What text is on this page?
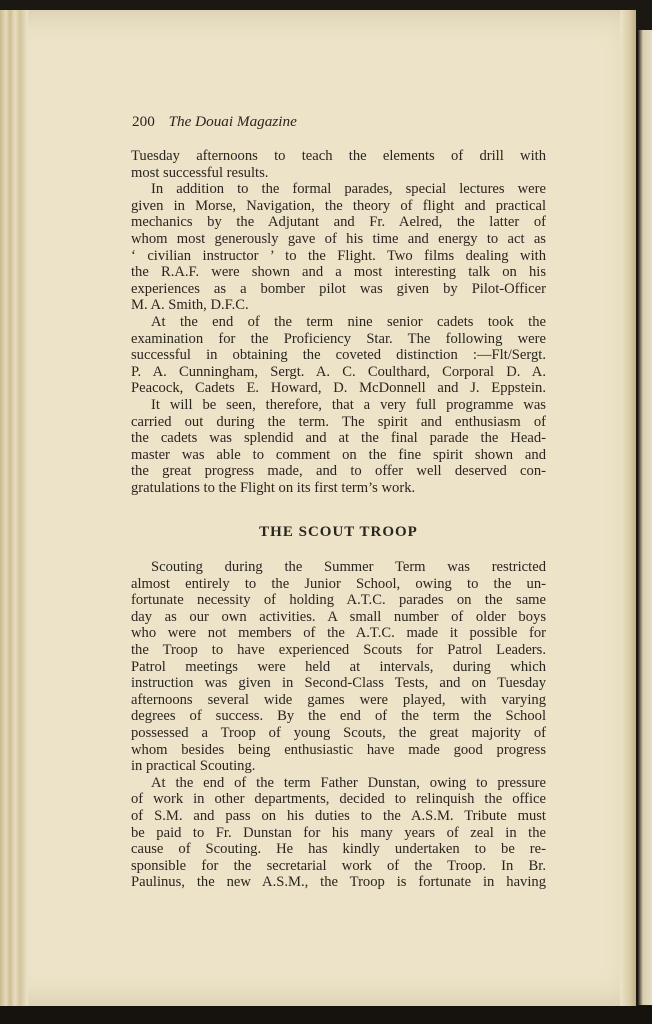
200 The Douai Magazine
Tuesday afternoons to teach the elements of drill with
most successful results.
In addition to the formal parades, special lectures were
given in Morse, Navigation, the theory of flight and practical
mechanics by the Adjutant and Fr. Aelred, the latter of
whom most generously gave of his time and energy to act as
‘ civilian instructor ’ to the Flight. Two films dealing with
the R.A.F. were shown and a most interesting talk on his
experiences as a bomber pilot was given by Pilot-Officer
M. A. Smith, D.F.C.
At the end of the term nine senior cadets took the
examination for the Proficiency Star. The following were
successful in obtaining the coveted distinction :—Flt/Sergt.
P. A. Cunningham, Sergt. A. C. Coulthard, Corporal D. A.
Peacock, Cadets E. Howard, D. McDonnell and J. Eppstein.
It will be seen, therefore, that a very full programme was
carried out during the term. The spirit and enthusiasm of
the cadets was splendid and at the final parade the Head-
master was able to comment on the fine spirit shown and
the great progress made, and to offer well deserved con-
gratulations to the Flight on its first term’s work.
THE SCOUT TROOP
Scouting during the Summer Term was restricted
almost entirely to the Junior School, owing to the un-
fortunate necessity of holding A.T.C. parades on the same
day as our own activities. A small number of older boys
who were not members of the A.T.C. made it possible for
the Troop to have experienced Scouts for Patrol Leaders.
Patrol meetings were held at intervals, during which
instruction was given in Second-Class Tests, and on Tuesday
afternoons several wide games were played, with varying
degrees of success. By the end of the term the School
possessed a Troop of young Scouts, the great majority of
whom besides being enthusiastic have made good progress
in practical Scouting.
At the end of the term Father Dunstan, owing to pressure
of work in other departments, decided to relinquish the office
of S.M. and pass on his duties to the A.S.M. Tribute must
be paid to Fr. Dunstan for his many years of zeal in the
cause of Scouting. He has kindly undertaken to be re-
sponsible for the secretarial work of the Troop. In Br.
Paulinus, the new A.S.M., the Troop is fortunate in having
